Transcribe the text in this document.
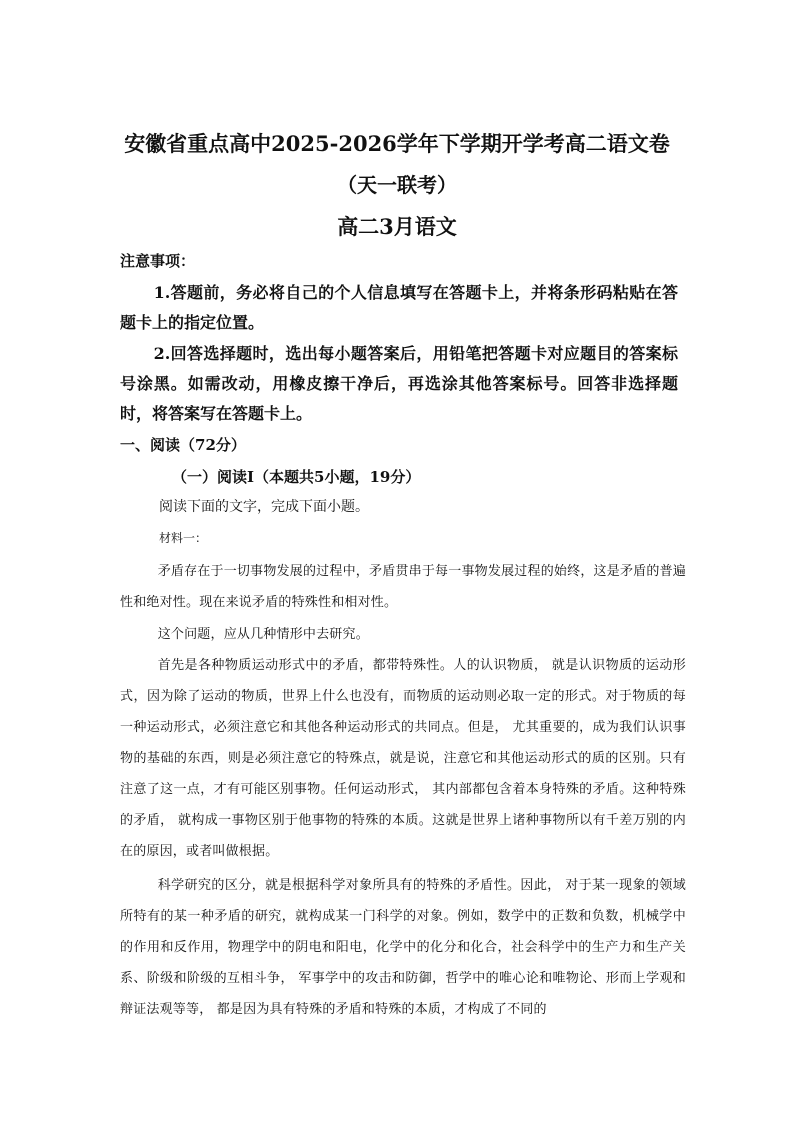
安徽省重点高中2025-2026学年下学期开学考高二语文卷
（天一联考）
高二3月语文
注意事项：

1.答题前，务必将自己的个人信息填写在答题卡上，并将条形码粘贴在答题卡上的指定位置。

2.回答选择题时，选出每小题答案后，用铅笔把答题卡对应题目的答案标号涂黑。如需改动，用橡皮擦干净后，再选涂其他答案标号。回答非选择题时，将答案写在答题卡上。

一、阅读（72分）
（一）阅读Ⅰ（本题共5小题，19分）
阅读下面的文字，完成下面小题。
材料一：

矛盾存在于一切事物发展的过程中，矛盾贯串于每一事物发展过程的始终，这是矛盾的普遍性和绝对性。现在来说矛盾的特殊性和相对性。

这个问题，应从几种情形中去研究。

首先是各种物质运动形式中的矛盾，都带特殊性。人的认识物质， 就是认识物质的运动形式，因为除了运动的物质，世界上什么也没有，而物质的运动则必取一定的形式。对于物质的每一种运动形式，必须注意它和其他各种运动形式的共同点。但是， 尤其重要的，成为我们认识事物的基础的东西，则是必须注意它的特殊点，就是说，注意它和其他运动形式的质的区别。只有注意了这一点，才有可能区别事物。任何运动形式， 其内部都包含着本身特殊的矛盾。这种特殊的矛盾， 就构成一事物区别于他事物的特殊的本质。这就是世界上诸种事物所以有千差万别的内在的原因，或者叫做根据。

科学研究的区分，就是根据科学对象所具有的特殊的矛盾性。因此， 对于某一现象的领域所特有的某一种矛盾的研究，就构成某一门科学的对象。例如，数学中的正数和负数，机械学中的作用和反作用，物理学中的阴电和阳电，化学中的化分和化合，社会科学中的生产力和生产关系、阶级和阶级的互相斗争， 军事学中的攻击和防御，哲学中的唯心论和唯物论、形而上学观和辩证法观等等， 都是因为具有特殊的矛盾和特殊的本质，才构成了不同的
